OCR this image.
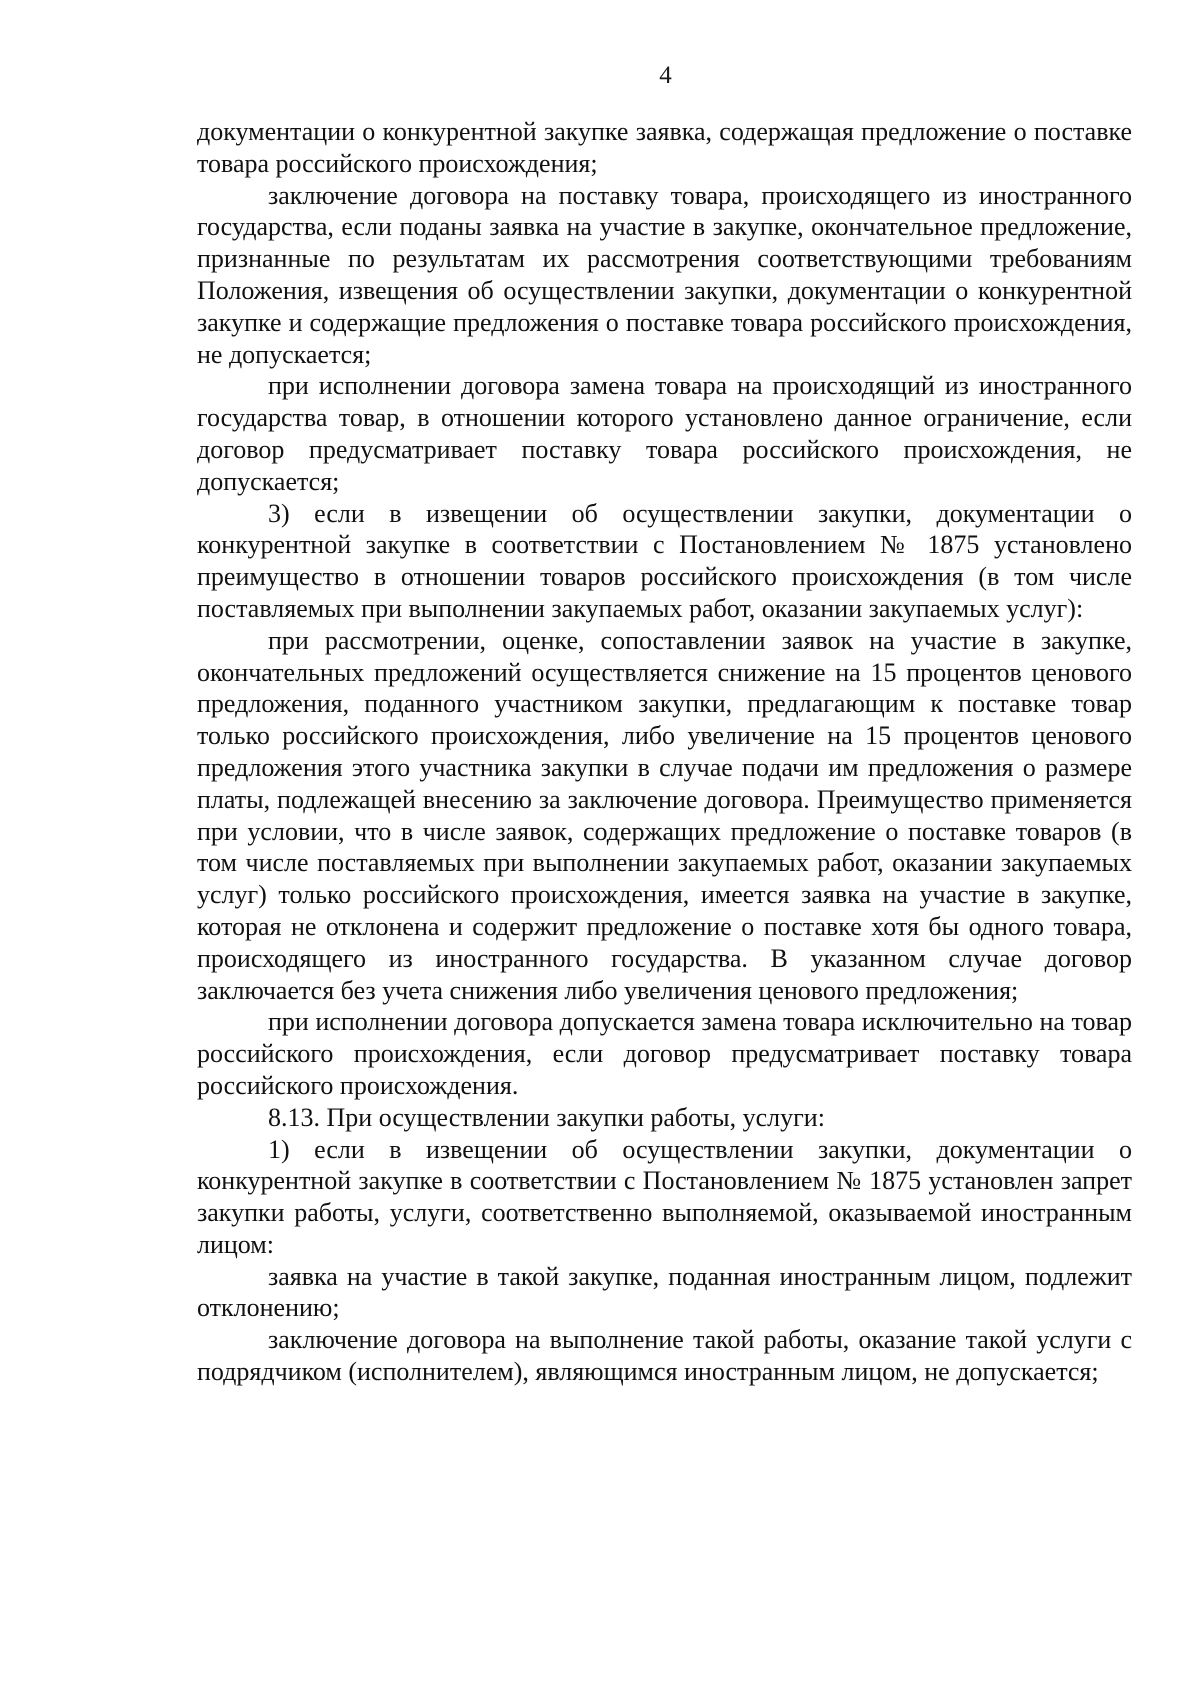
4

документации о конкурентной закупке заявка, содержащая предложение о поставке товара российского происхождения;

заключение договора на поставку товара, происходящего из иностранного государства, если поданы заявка на участие в закупке, окончательное предложение, признанные по результатам их рассмотрения соответствующими требованиям Положения, извещения об осуществлении закупки, документации о конкурентной закупке и содержащие предложения о поставке товара российского происхождения, не допускается;

при исполнении договора замена товара на происходящий из иностранного государства товар, в отношении которого установлено данное ограничение, если договор предусматривает поставку товара российского происхождения, не допускается;

3) если в извещении об осуществлении закупки, документации о конкурентной закупке в соответствии с Постановлением № 1875 установлено преимущество в отношении товаров российского происхождения (в том числе поставляемых при выполнении закупаемых работ, оказании закупаемых услуг):

при рассмотрении, оценке, сопоставлении заявок на участие в закупке, окончательных предложений осуществляется снижение на 15 процентов ценового предложения, поданного участником закупки, предлагающим к поставке товар только российского происхождения, либо увеличение на 15 процентов ценового предложения этого участника закупки в случае подачи им предложения о размере платы, подлежащей внесению за заключение договора. Преимущество применяется при условии, что в числе заявок, содержащих предложение о поставке товаров (в том числе поставляемых при выполнении закупаемых работ, оказании закупаемых услуг) только российского происхождения, имеется заявка на участие в закупке, которая не отклонена и содержит предложение о поставке хотя бы одного товара, происходящего из иностранного государства. В указанном случае договор заключается без учета снижения либо увеличения ценового предложения;

при исполнении договора допускается замена товара исключительно на товар российского происхождения, если договор предусматривает поставку товара российского происхождения.

8.13. При осуществлении закупки работы, услуги:

1) если в извещении об осуществлении закупки, документации о конкурентной закупке в соответствии с Постановлением № 1875 установлен запрет закупки работы, услуги, соответственно выполняемой, оказываемой иностранным лицом:

заявка на участие в такой закупке, поданная иностранным лицом, подлежит отклонению;

заключение договора на выполнение такой работы, оказание такой услуги с подрядчиком (исполнителем), являющимся иностранным лицом, не допускается;
